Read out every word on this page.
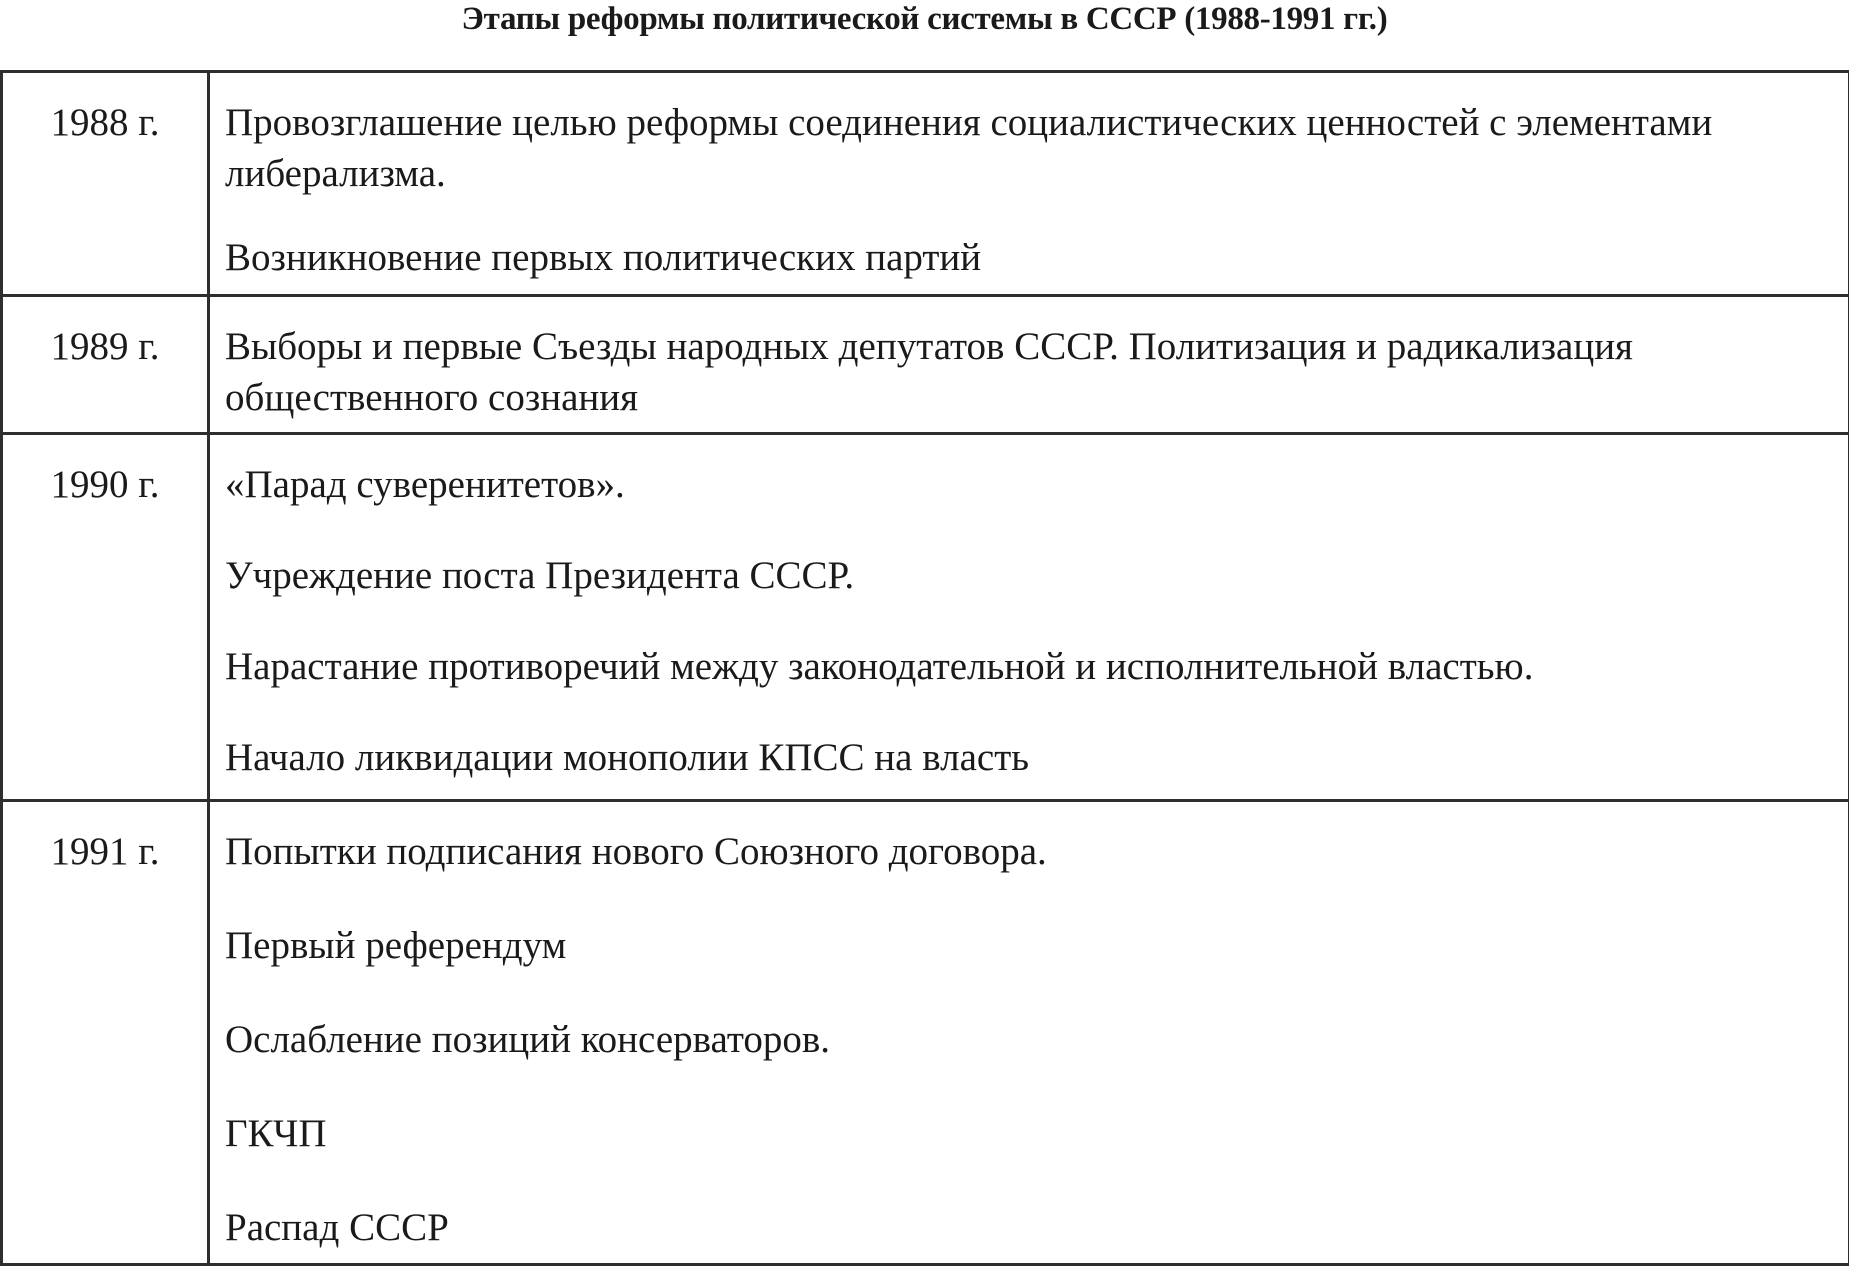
Этапы реформы политической системы в СССР (1988-1991 гг.)
1988 г.	Провозглашение целью реформы соединения социалистических ценностей с элементами либерализма.
Возникновение первых политических партий

1989 г.	Выборы и первые Съезды народных депутатов СССР. Политизация и радикализация общественного сознания

1990 г.	«Парад суверенитетов».
Учреждение поста Президента СССР.
Нарастание противоречий между законодательной и исполнительной властью.
Начало ликвидации монополии КПСС на власть

1991 г.	Попытки подписания нового Союзного договора.
Первый референдум
Ослабление позиций консерваторов.
ГКЧП
Распад СССР
